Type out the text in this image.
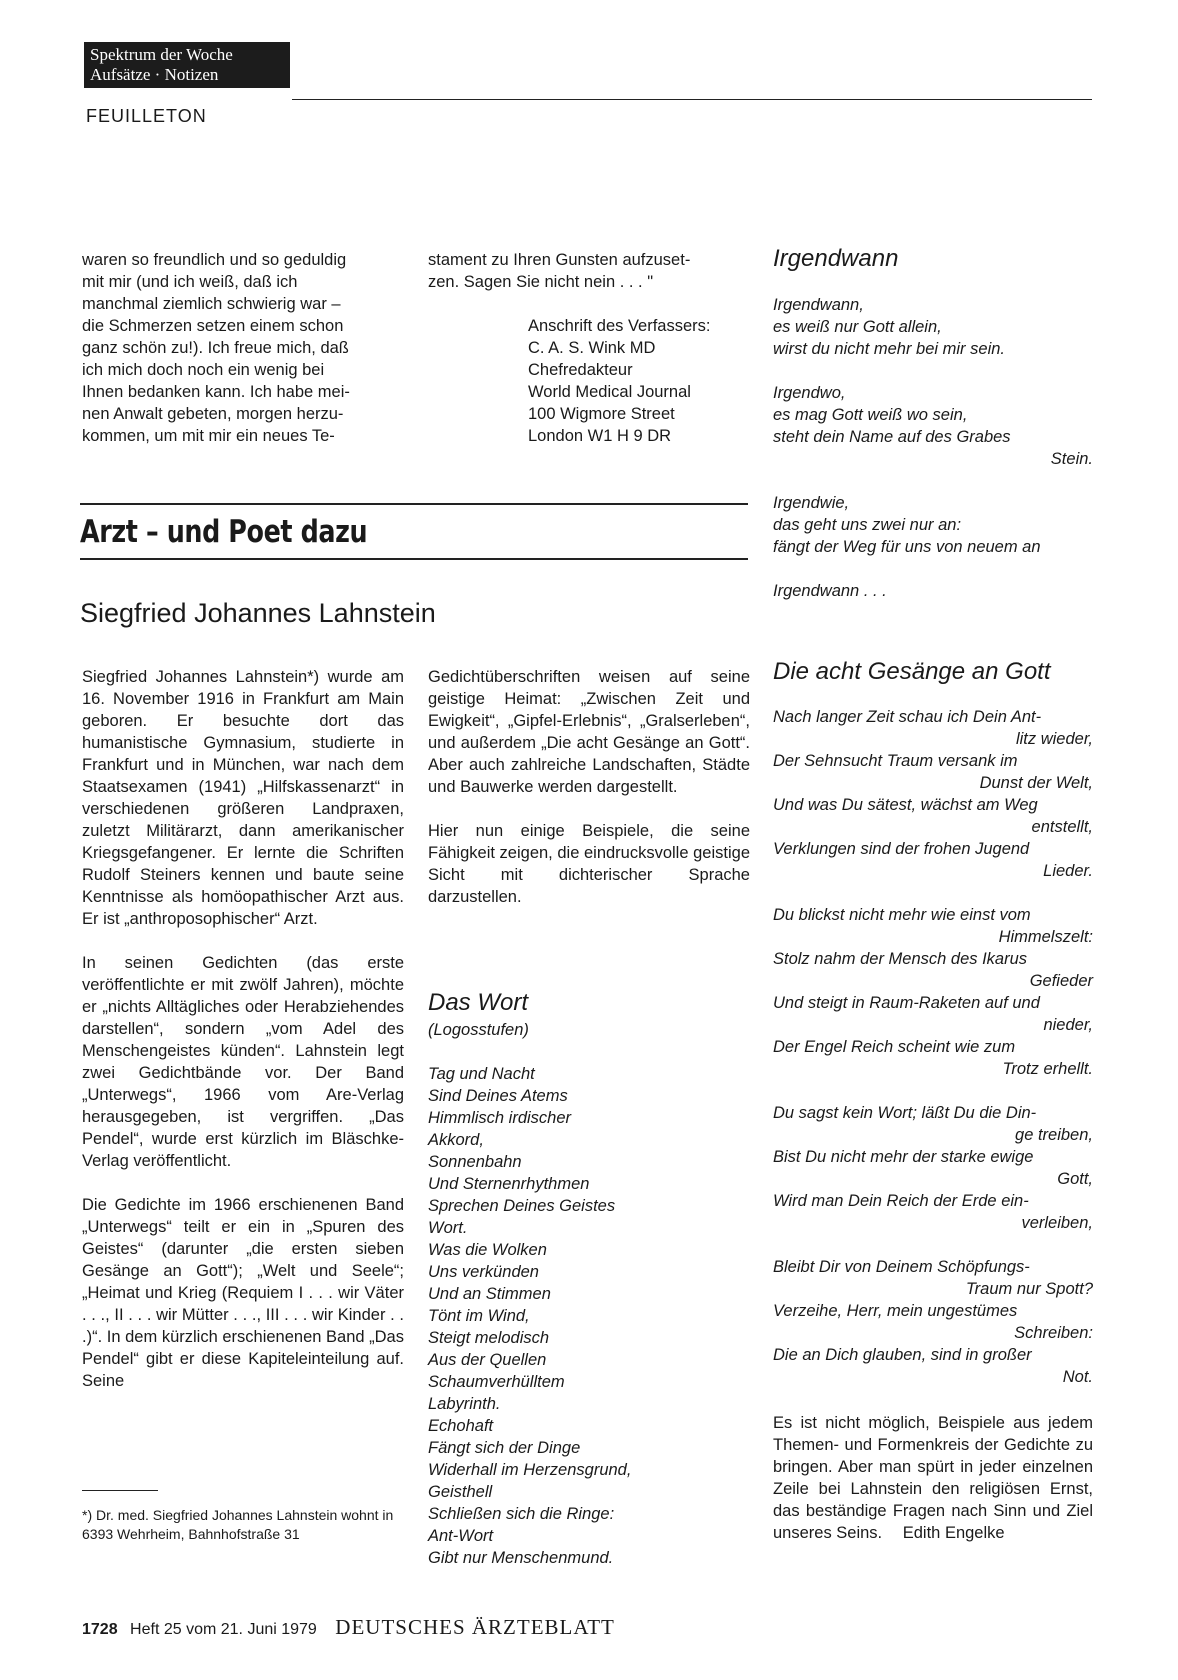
Spektrum der Woche
Aufsätze · Notizen
FEUILLETON
waren so freundlich und so geduldig
mit mir (und ich weiß, daß ich
manchmal ziemlich schwierig war –
die Schmerzen setzen einem schon
ganz schön zu!). Ich freue mich, daß
ich mich doch noch ein wenig bei
Ihnen bedanken kann. Ich habe mei-
nen Anwalt gebeten, morgen herzu-
kommen, um mit mir ein neues Te-
stament zu Ihren Gunsten aufzuset-
zen. Sagen Sie nicht nein . . . "
Anschrift des Verfassers:
C. A. S. Wink MD
Chefredakteur
World Medical Journal
100 Wigmore Street
London W1 H 9 DR
Arzt – und Poet dazu
Siegfried Johannes Lahnstein

Siegfried Johannes Lahnstein*) wurde am 16. November 1916 in Frankfurt am Main geboren. Er besuchte dort das humanistische Gymnasium, studierte in Frankfurt und in München, war nach dem Staatsexamen (1941) „Hilfskassenarzt“ in verschiedenen größeren Landpraxen, zuletzt Militärarzt, dann amerikanischer Kriegsgefangener. Er lernte die Schriften Rudolf Steiners kennen und baute seine Kenntnisse als homöopathischer Arzt aus. Er ist „anthroposophischer“ Arzt.

In seinen Gedichten (das erste veröffentlichte er mit zwölf Jahren), möchte er „nichts Alltägliches oder Herabziehendes darstellen“, sondern „vom Adel des Menschengeistes künden“. Lahnstein legt zwei Gedichtbände vor. Der Band „Unterwegs“, 1966 vom Are-Verlag herausgegeben, ist vergriffen. „Das Pendel“, wurde erst kürzlich im Bläschke-Verlag veröffentlicht.

Die Gedichte im 1966 erschienenen Band „Unterwegs“ teilt er ein in „Spuren des Geistes“ (darunter „die ersten sieben Gesänge an Gott“); „Welt und Seele“; „Heimat und Krieg (Requiem I . . . wir Väter . . ., II . . . wir Mütter . . ., III . . . wir Kinder . . .)“. In dem kürzlich erschienenen Band „Das Pendel“ gibt er diese Kapiteleinteilung auf. Seine

*) Dr. med. Siegfried Johannes Lahnstein wohnt in 6393 Wehrheim, Bahnhofstraße 31

Gedichtüberschriften weisen auf seine geistige Heimat: „Zwischen Zeit und Ewigkeit“, „Gipfel-Erlebnis“, „Gralserleben“, und außerdem „Die acht Gesänge an Gott“. Aber auch zahlreiche Landschaften, Städte und Bauwerke werden dargestellt.

Hier nun einige Beispiele, die seine Fähigkeit zeigen, die eindrucksvolle geistige Sicht mit dichterischer Sprache darzustellen.

Das Wort
(Logosstufen)
Tag und Nacht
Sind Deines Atems
Himmlisch irdischer
Akkord,
Sonnenbahn
Und Sternenrhythmen
Sprechen Deines Geistes
Wort.
Was die Wolken
Uns verkünden
Und an Stimmen
Tönt im Wind,
Steigt melodisch
Aus der Quellen
Schaumverhülltem
Labyrinth.
Echohaft
Fängt sich der Dinge
Widerhall im Herzensgrund,
Geisthell
Schließen sich die Ringe:
Ant-Wort
Gibt nur Menschenmund.
Irgendwann
Irgendwann,
es weiß nur Gott allein,
wirst du nicht mehr bei mir sein.
Irgendwo,
es mag Gott weiß wo sein,
steht dein Name auf des Grabes
Stein.
Irgendwie,
das geht uns zwei nur an:
fängt der Weg für uns von neuem an
Irgendwann . . .
Die acht Gesänge an Gott
Nach langer Zeit schau ich Dein Ant-
litz wieder,
Der Sehnsucht Traum versank im
Dunst der Welt,
Und was Du sätest, wächst am Weg
entstellt,
Verklungen sind der frohen Jugend
Lieder.
Du blickst nicht mehr wie einst vom
Himmelszelt:
Stolz nahm der Mensch des Ikarus
Gefieder
Und steigt in Raum-Raketen auf und
nieder,
Der Engel Reich scheint wie zum
Trotz erhellt.
Du sagst kein Wort; läßt Du die Din-
ge treiben,
Bist Du nicht mehr der starke ewige
Gott,
Wird man Dein Reich der Erde ein-
verleiben,
Bleibt Dir von Deinem Schöpfungs-
Traum nur Spott?
Verzeihe, Herr, mein ungestümes
Schreiben:
Die an Dich glauben, sind in großer
Not.

Es ist nicht möglich, Beispiele aus jedem Themen- und Formenkreis der Gedichte zu bringen. Aber man spürt in jeder einzelnen Zeile bei Lahnstein den religiösen Ernst, das beständige Fragen nach Sinn und Ziel unseres Seins. Edith Engelke

1728 Heft 25 vom 21. Juni 1979 DEUTSCHES ÄRZTEBLATT
